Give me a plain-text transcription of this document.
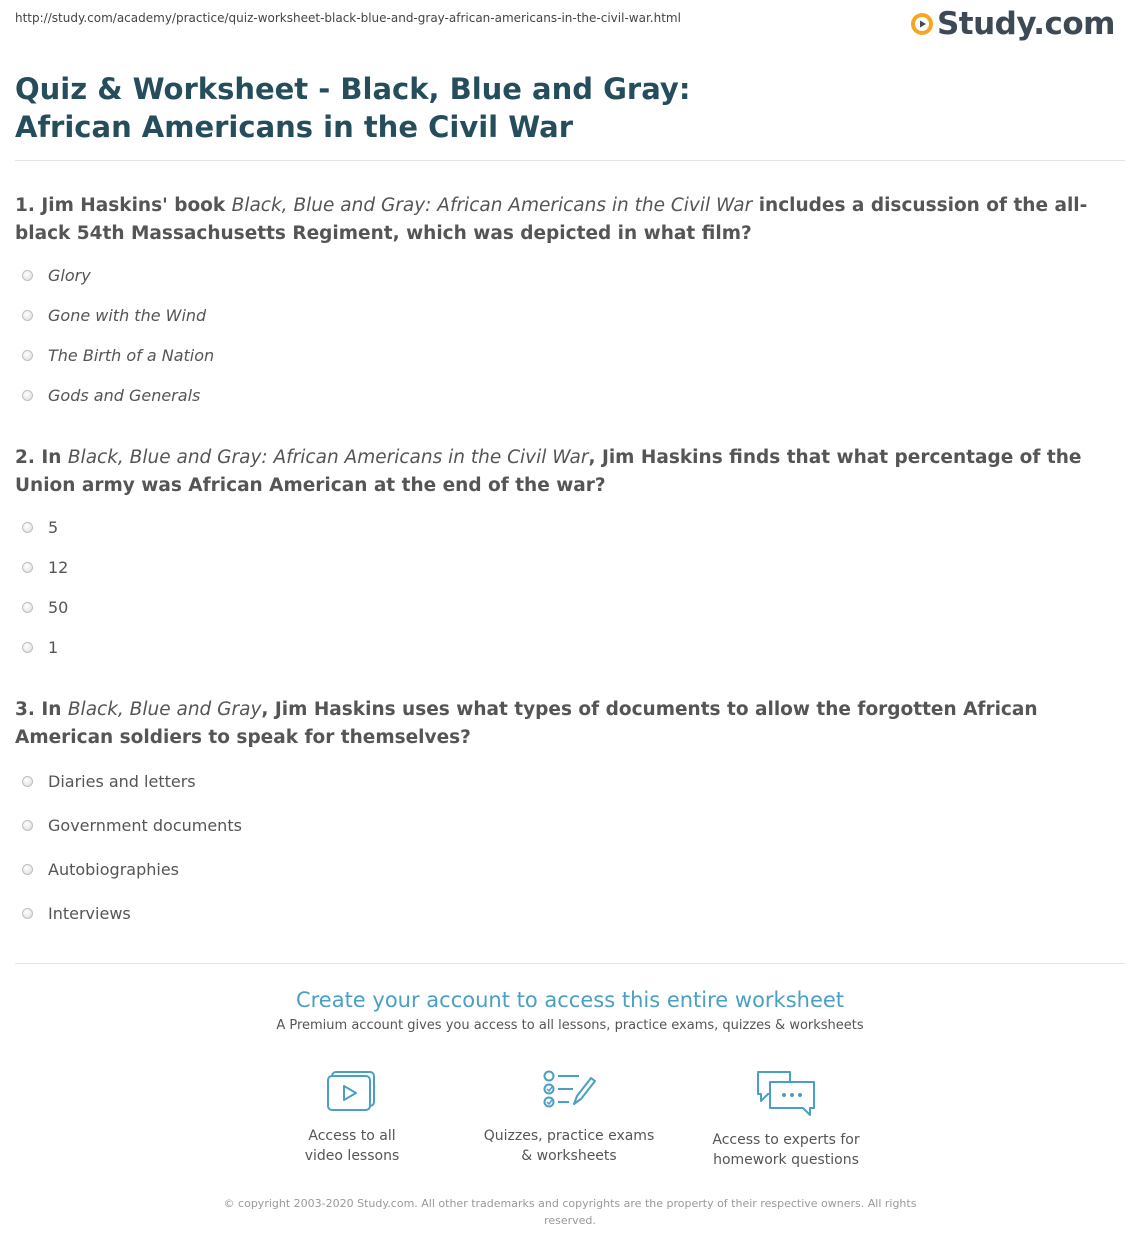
http://study.com/academy/practice/quiz-worksheet-black-blue-and-gray-african-americans-in-the-civil-war.html	Study.com
Quiz & Worksheet - Black, Blue and Gray: African Americans in the Civil War

1. Jim Haskins' book Black, Blue and Gray: African Americans in the Civil War includes a discussion of the all-black 54th Massachusetts Regiment, which was depicted in what film?

Glory
Gone with the Wind
The Birth of a Nation
Gods and Generals

2. In Black, Blue and Gray: African Americans in the Civil War, Jim Haskins finds that what percentage of the Union army was African American at the end of the war?

5
12
50
1

3. In Black, Blue and Gray, Jim Haskins uses what types of documents to allow the forgotten African American soldiers to speak for themselves?

Diaries and letters
Government documents
Autobiographies
Interviews
Create your account to access this entire worksheet
A Premium account gives you access to all lessons, practice exams, quizzes & worksheets
Access to all
video lessons
Quizzes, practice exams
& worksheets
Access to experts for
homework questions
© copyright 2003-2020 Study.com. All other trademarks and copyrights are the property of their respective owners. All rights
reserved.
